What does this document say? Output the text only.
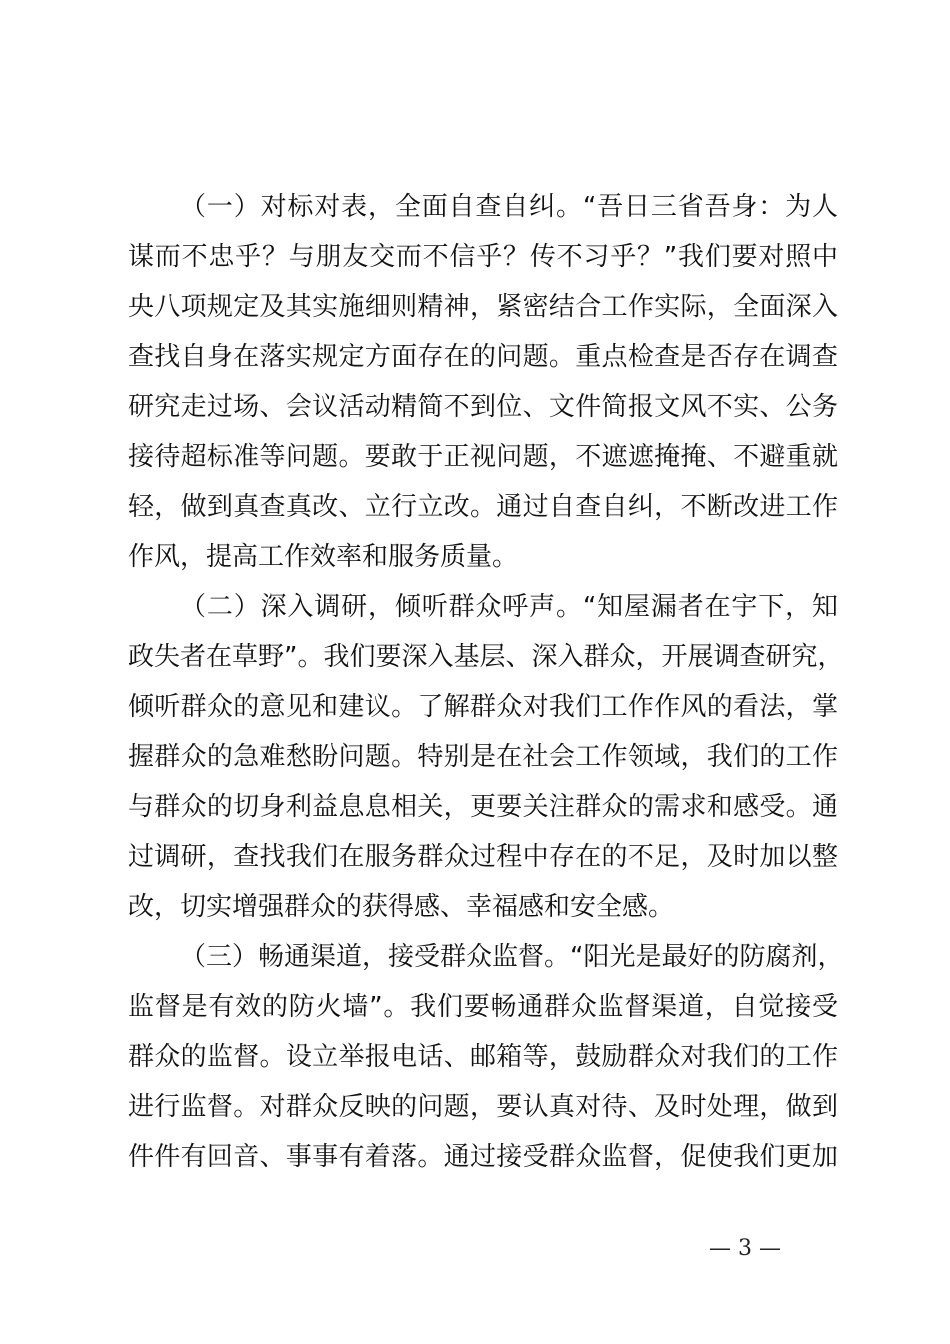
（一）对标对表，全面自查自纠。“吾日三省吾身：为人
谋而不忠乎？与朋友交而不信乎？传不习乎？”我们要对照中
央八项规定及其实施细则精神，紧密结合工作实际，全面深入
查找自身在落实规定方面存在的问题。重点检查是否存在调查
研究走过场、会议活动精简不到位、文件简报文风不实、公务
接待超标准等问题。要敢于正视问题，不遮遮掩掩、不避重就
轻，做到真查真改、立行立改。通过自查自纠，不断改进工作
作风，提高工作效率和服务质量。
（二）深入调研，倾听群众呼声。“知屋漏者在宇下，知
政失者在草野”。我们要深入基层、深入群众，开展调查研究，
倾听群众的意见和建议。了解群众对我们工作作风的看法，掌
握群众的急难愁盼问题。特别是在社会工作领域，我们的工作
与群众的切身利益息息相关，更要关注群众的需求和感受。通
过调研，查找我们在服务群众过程中存在的不足，及时加以整
改，切实增强群众的获得感、幸福感和安全感。
（三）畅通渠道，接受群众监督。“阳光是最好的防腐剂，
监督是有效的防火墙”。我们要畅通群众监督渠道，自觉接受
群众的监督。设立举报电话、邮箱等，鼓励群众对我们的工作
进行监督。对群众反映的问题，要认真对待、及时处理，做到
件件有回音、事事有着落。通过接受群众监督，促使我们更加
— 3 —
